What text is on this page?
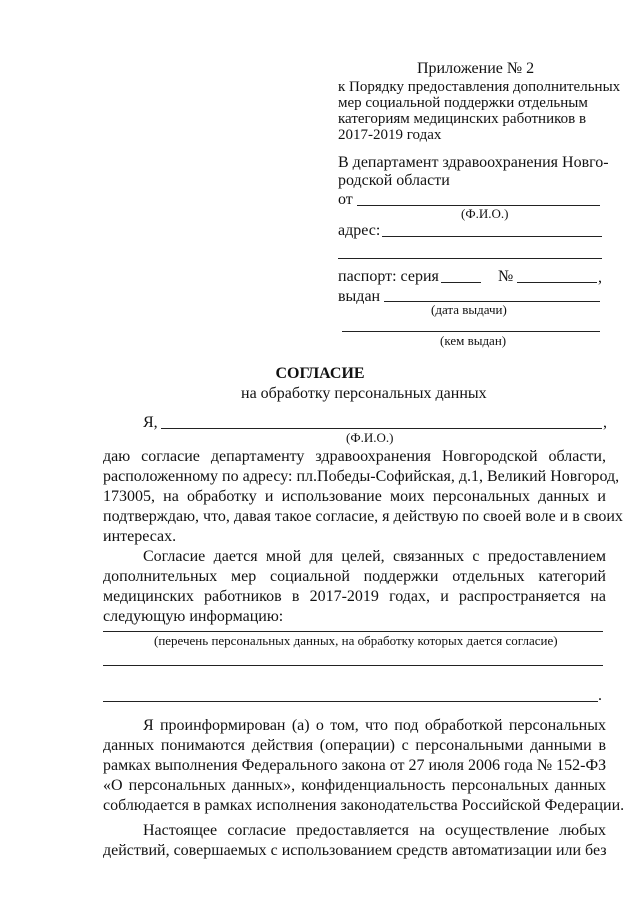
Приложение № 2
к Порядку предоставления дополнительных
мер социальной поддержки отдельным
категориям медицинских работников в
2017-2019 годах
В департамент здравоохранения Новго-
родской области
от
(Ф.И.О.)
адрес:
паспорт: серия	№	,
выдан
(дата выдачи)
(кем выдан)
СОГЛАСИЕ
на обработку персональных данных
Я,	,
(Ф.И.О.)
даю согласие департаменту здравоохранения Новгородской области,
расположенному по адресу: пл.Победы-Софийская, д.1, Великий Новгород,
173005, на обработку и использование моих персональных данных и
подтверждаю, что, давая такое согласие, я действую по своей воле и в своих
интересах.
Согласие дается мной для целей, связанных с предоставлением
дополнительных мер социальной поддержки отдельных категорий
медицинских работников в 2017-2019 годах, и распространяется на
следующую информацию:
(перечень персональных данных, на обработку которых дается согласие)
.
Я проинформирован (а) о том, что под обработкой персональных
данных понимаются действия (операции) с персональными данными в
рамках выполнения Федерального закона от 27 июля 2006 года № 152-ФЗ
«О персональных данных», конфиденциальность персональных данных
соблюдается в рамках исполнения законодательства Российской Федерации.
Настоящее согласие предоставляется на осуществление любых
действий, совершаемых с использованием средств автоматизации или без
